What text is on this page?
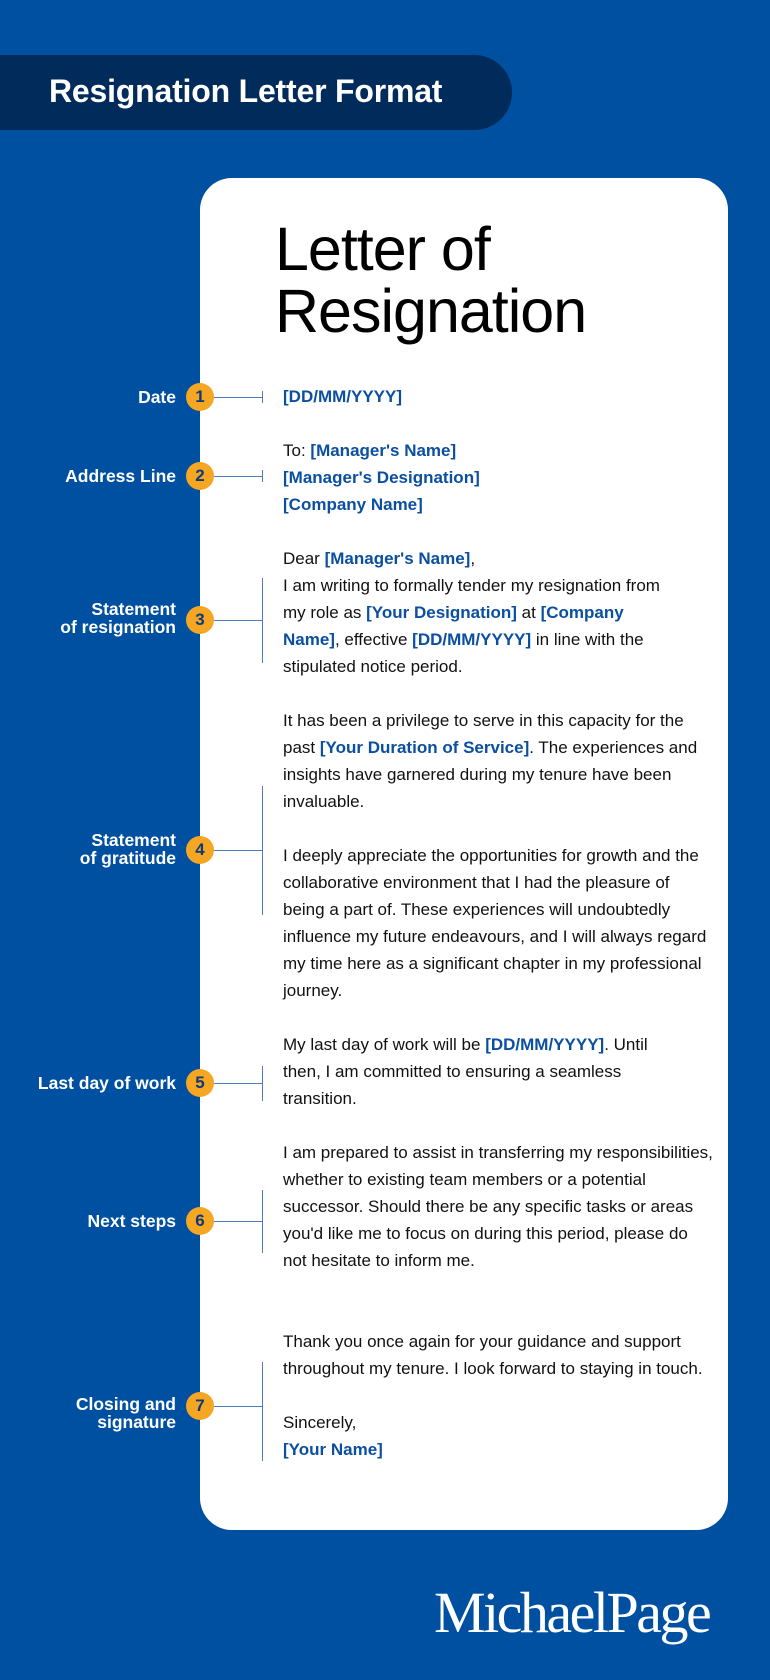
Resignation Letter Format
Letter of
Resignation
Date	1	[DD/MM/YYYY]

Address Line	2

To: [Manager's Name]

[Manager's Designation]

[Company Name]

Statement
of resignation	3

Dear [Manager's Name],

I am writing to formally tender my resignation from my role as [Your Designation] at [Company Name], effective [DD/MM/YYYY] in line with the stipulated notice period.

Statement
of gratitude	4

It has been a privilege to serve in this capacity for the past [Your Duration of Service]. The experiences and insights have garnered during my tenure have been invaluable.

I deeply appreciate the opportunities for growth and the collaborative environment that I had the pleasure of being a part of. These experiences will undoubtedly influence my future endeavours, and I will always regard my time here as a significant chapter in my professional journey.

Last day of work	5

My last day of work will be [DD/MM/YYYY]. Until then, I am committed to ensuring a seamless transition.

Next steps	6

I am prepared to assist in transferring my responsibilities, whether to existing team members or a potential successor. Should there be any specific tasks or areas you'd like me to focus on during this period, please do not hesitate to inform me.

Closing and
signature
7

Thank you once again for your guidance and support throughout my tenure. I look forward to staying in touch.

Sincerely,

[Your Name]

MichaelPage
